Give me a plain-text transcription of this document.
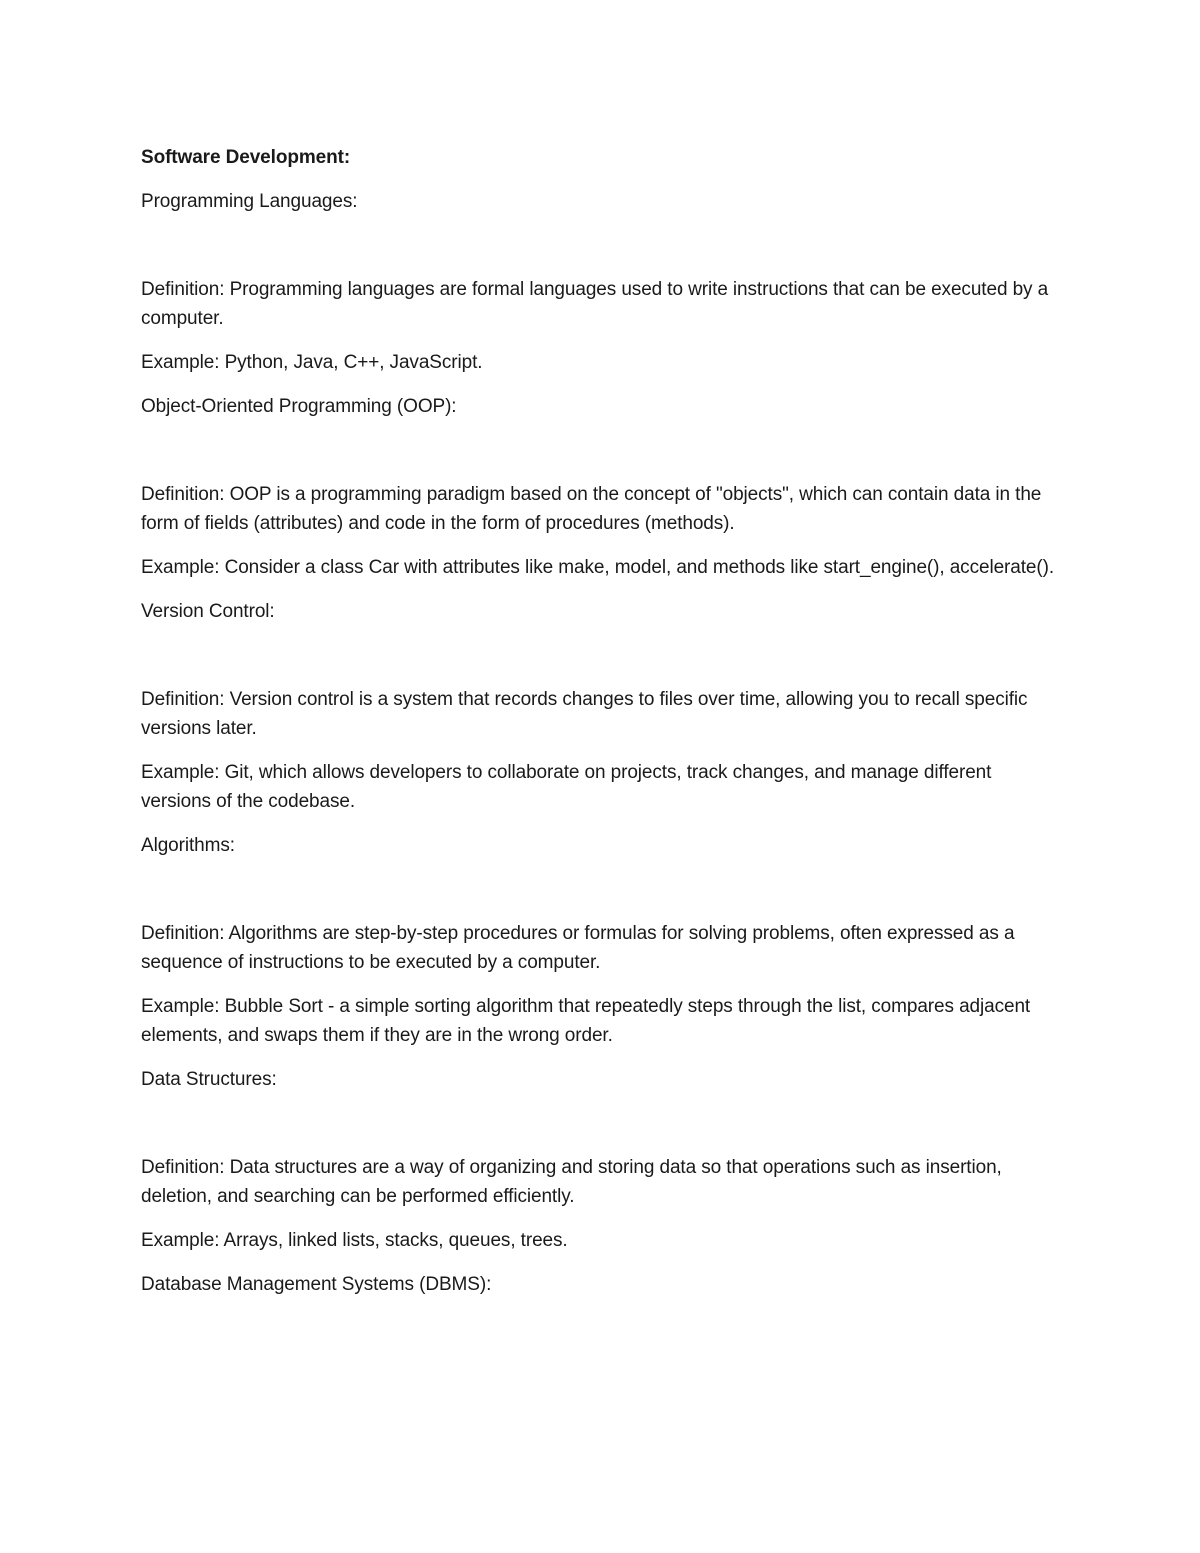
Software Development:

Programming Languages:

Definition: Programming languages are formal languages used to write instructions that can be executed by a computer.

Example: Python, Java, C++, JavaScript.

Object-Oriented Programming (OOP):

Definition: OOP is a programming paradigm based on the concept of "objects", which can contain data in the form of fields (attributes) and code in the form of procedures (methods).

Example: Consider a class Car with attributes like make, model, and methods like start_engine(), accelerate().

Version Control:

Definition: Version control is a system that records changes to files over time, allowing you to recall specific versions later.

Example: Git, which allows developers to collaborate on projects, track changes, and manage different versions of the codebase.

Algorithms:

Definition: Algorithms are step-by-step procedures or formulas for solving problems, often expressed as a sequence of instructions to be executed by a computer.

Example: Bubble Sort - a simple sorting algorithm that repeatedly steps through the list, compares adjacent elements, and swaps them if they are in the wrong order.

Data Structures:

Definition: Data structures are a way of organizing and storing data so that operations such as insertion, deletion, and searching can be performed efficiently.

Example: Arrays, linked lists, stacks, queues, trees.

Database Management Systems (DBMS):
